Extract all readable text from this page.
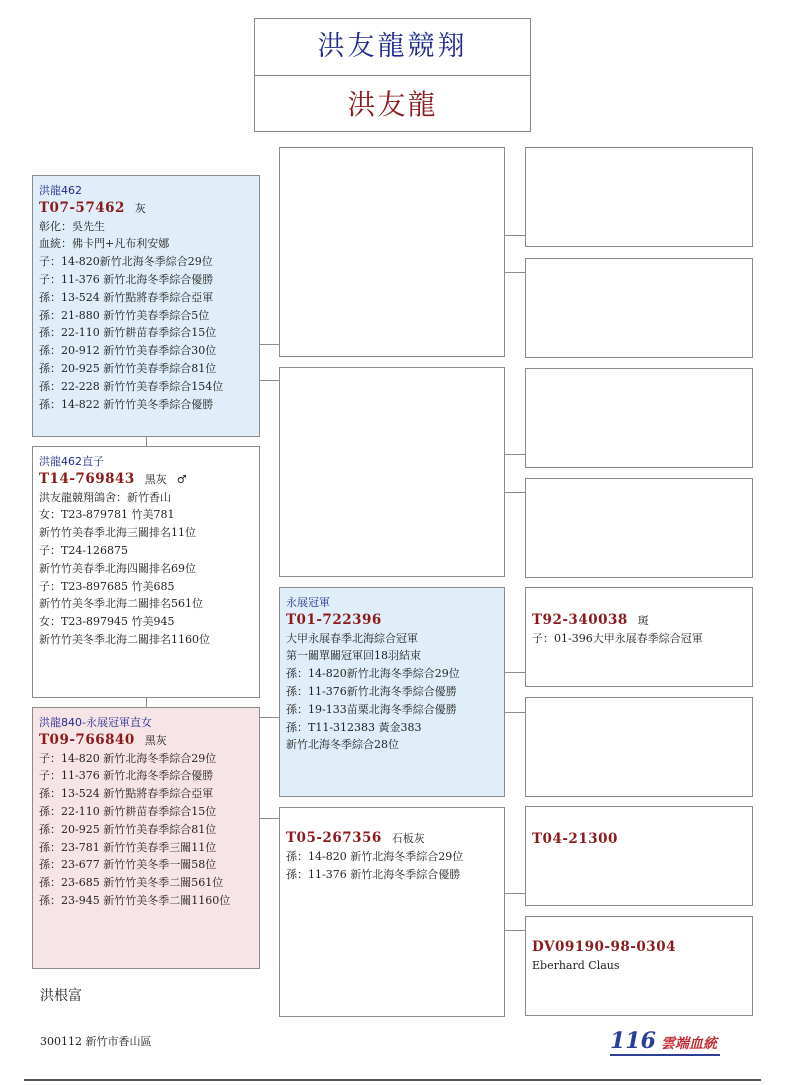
洪友龍競翔
洪友龍
洪龍462
T07-57462 灰
彰化：吳先生
血統：佛卡門+凡布利安娜
子：14-820新竹北海冬季綜合29位
子：11-376 新竹北海冬季綜合優勝
孫：13-524 新竹點將春季綜合亞軍
孫：21-880 新竹竹美春季綜合5位
孫：22-110 新竹耕苗春季綜合15位
孫：20-912 新竹竹美春季綜合30位
孫：20-925 新竹竹美春季綜合81位
孫：22-228 新竹竹美春季綜合154位
孫：14-822 新竹竹美冬季綜合優勝
洪龍462直子
T14-769843 黑灰 ♂
洪友龍競翔鴿舍：新竹香山
女：T23-879781 竹美781
新竹竹美春季北海三關排名11位
子：T24-126875
新竹竹美春季北海四關排名69位
子：T23-897685 竹美685
新竹竹美冬季北海二關排名561位
女：T23-897945 竹美945
新竹竹美冬季北海二關排名1160位
洪龍840-永展冠軍直女
T09-766840 黑灰
子：14-820 新竹北海冬季綜合29位
子：11-376 新竹北海冬季綜合優勝
孫：13-524 新竹點將春季綜合亞軍
孫：22-110 新竹耕苗春季綜合15位
孫：20-925 新竹竹美春季綜合81位
孫：23-781 新竹竹美春季三關11位
孫：23-677 新竹竹美冬季一關58位
孫：23-685 新竹竹美冬季二關561位
孫：23-945 新竹竹美冬季二關1160位
永展冠軍
T01-722396
大甲永展春季北海綜合冠軍
第一關單關冠軍回18羽結束
孫：14-820新竹北海冬季綜合29位
孫：11-376新竹北海冬季綜合優勝
孫：19-133苗栗北海冬季綜合優勝
孫：T11-312383 黃金383
新竹北海冬季綜合28位
T05-267356 石板灰
孫：14-820 新竹北海冬季綜合29位
孫：11-376 新竹北海冬季綜合優勝
T92-340038 斑
子：01-396大甲永展春季綜合冠軍
T04-21300
DV09190-98-0304
Eberhard Claus
洪根富
300112 新竹市香山區	116 雲端血統
